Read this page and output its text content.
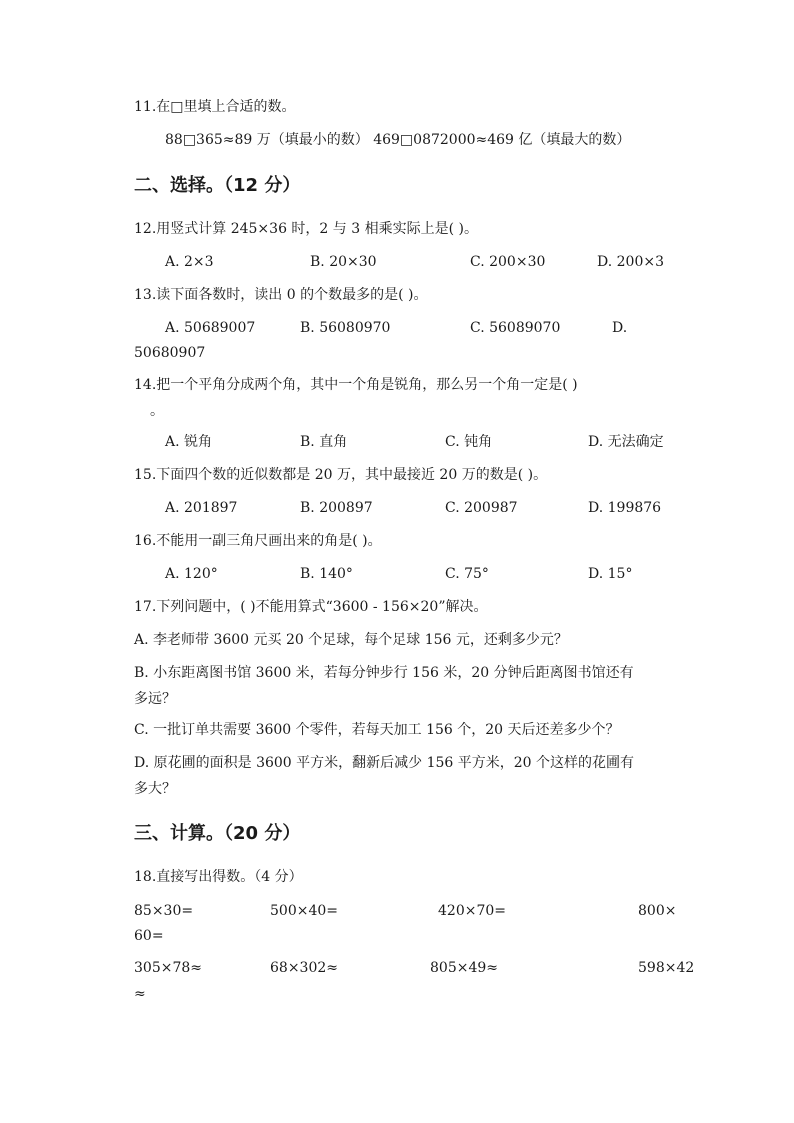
11.在□里填上合适的数。
88□365≈89 万（填最小的数） 469□0872000≈469 亿（填最大的数）
二、选择。（12 分）
12.用竖式计算 245×36 时，2 与 3 相乘实际上是( )。
A. 2×3	B. 20×30	C. 200×30	D. 200×3
13.读下面各数时，读出 0 的个数最多的是( )。
A. 50689007	B. 56080970	C. 56089070	D.
50680907
14.把一个平角分成两个角，其中一个角是锐角，那么另一个角一定是( )
。
A. 锐角	B. 直角	C. 钝角	D. 无法确定
15.下面四个数的近似数都是 20 万，其中最接近 20 万的数是( )。
A. 201897	B. 200897	C. 200987	D. 199876
16.不能用一副三角尺画出来的角是( )。
A. 120°	B. 140°	C. 75°	D. 15°
17.下列问题中，( )不能用算式“3600 - 156×20”解决。
A. 李老师带 3600 元买 20 个足球，每个足球 156 元，还剩多少元？
B. 小东距离图书馆 3600 米，若每分钟步行 156 米，20 分钟后距离图书馆还有
多远？
C. 一批订单共需要 3600 个零件，若每天加工 156 个，20 天后还差多少个？
D. 原花圃的面积是 3600 平方米，翻新后减少 156 平方米，20 个这样的花圃有
多大？
三、计算。（20 分）
18.直接写出得数。（4 分）
85×30=	500×40=	420×70=	800×
60=
305×78≈	68×302≈	805×49≈	598×42
≈
